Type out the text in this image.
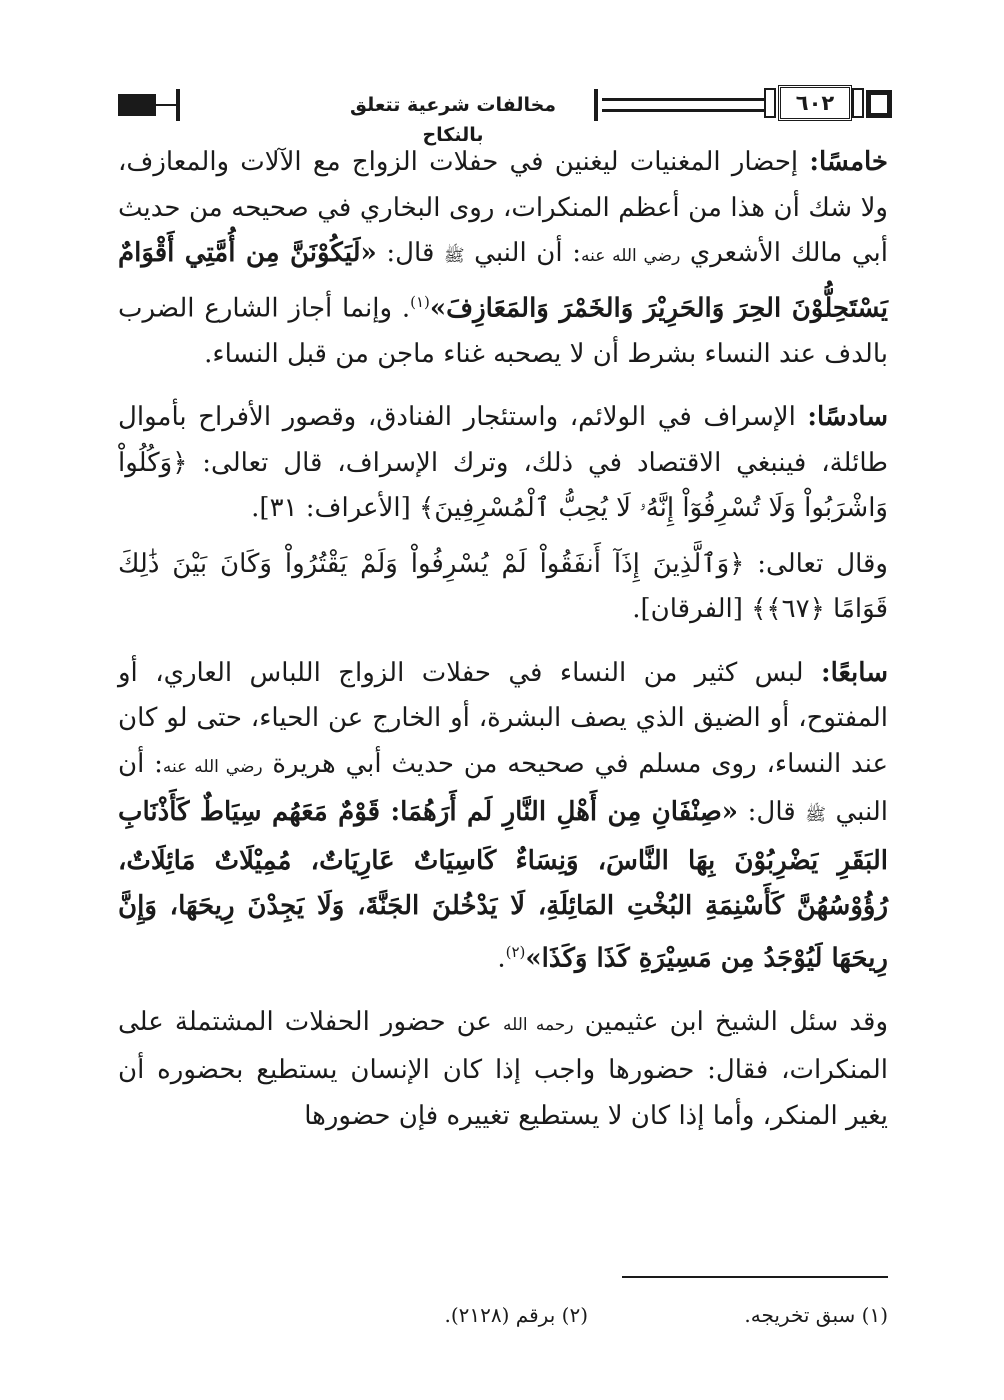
مخالفات شرعية تتعلق بالنكاح
٦٠٢

خامسًا: إحضار المغنيات ليغنين في حفلات الزواج مع الآلات والمعازف، ولا شك أن هذا من أعظم المنكرات، روى البخاري في صحيحه من حديث أبي مالك الأشعري رضي الله عنه: أن النبي ﷺ قال: «لَيَكُوْنَنَّ مِن أُمَّتِي أَقْوَامٌ يَسْتَحِلُّوْنَ الحِرَ وَالحَرِيْرَ وَالخَمْرَ وَالمَعَازِفَ»$^{(١)}$. وإنما أجاز الشارع الضرب بالدف عند النساء بشرط أن لا يصحبه غناء ماجن من قبل النساء.

سادسًا: الإسراف في الولائم، واستئجار الفنادق، وقصور الأفراح بأموال طائلة، فينبغي الاقتصاد في ذلك، وترك الإسراف، قال تعالى: ﴿وَكُلُواْ وَاشْرَبُواْ وَلَا تُسْرِفُوٓاْ إِنَّهُۥ لَا يُحِبُّ ٱلْمُسْرِفِينَ﴾ [الأعراف: ٣١].

وقال تعالى: ﴿وَٱلَّذِينَ إِذَآ أَنفَقُواْ لَمْ يُسْرِفُواْ وَلَمْ يَقْتُرُواْ وَكَانَ بَيْنَ ذَٰلِكَ قَوَامًا ﴿٦٧﴾﴾ [الفرقان].

سابعًا: لبس كثير من النساء في حفلات الزواج اللباس العاري، أو المفتوح، أو الضيق الذي يصف البشرة، أو الخارج عن الحياء، حتى لو كان عند النساء، روى مسلم في صحيحه من حديث أبي هريرة رضي الله عنه: أن النبي ﷺ قال: «صِنْفَانِ مِن أَهْلِ النَّارِ لَم أَرَهُمَا: قَوْمٌ مَعَهُم سِيَاطٌ كَأَذْنَابِ البَقَرِ يَضْرِبُوْنَ بِهَا النَّاسَ، وَنِسَاءٌ كَاسِيَاتٌ عَارِيَاتٌ، مُمِيْلَاتٌ مَائِلَاتٌ، رُؤُوْسُهُنَّ كَأَسْنِمَةِ البُخْتِ المَائِلَةِ، لَا يَدْخُلنَ الجَنَّةَ، وَلَا يَجِدْنَ رِيحَهَا، وَإِنَّ رِيحَهَا لَيُوْجَدُ مِن مَسِيْرَةِ كَذَا وَكَذَا»$^{(٢)}$.

وقد سئل الشيخ ابن عثيمين رحمه الله عن حضور الحفلات المشتملة على المنكرات، فقال: حضورها واجب إذا كان الإنسان يستطيع بحضوره أن يغير المنكر، وأما إذا كان لا يستطيع تغييره فإن حضورها

(١) سبق تخريجه.
(٢) برقم (٢١٢٨).
